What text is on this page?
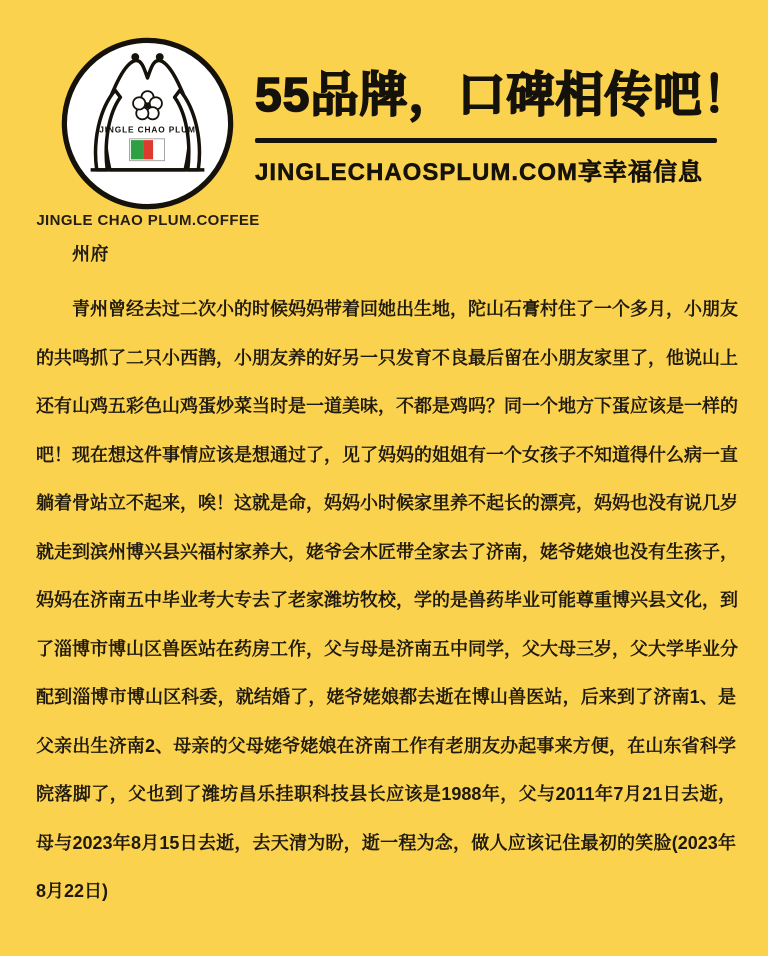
JINGLE CHAO PLUM
JINGLE CHAO PLUM.COFFEE
55品牌，口碑相传吧！
JINGLECHAOSPLUM.COM享幸福信息
州府
青州曾经去过二次小的时候妈妈带着回她出生地，陀山石膏村住了一个多月，小朋友
的共鸣抓了二只小西鹊，小朋友养的好另一只发育不良最后留在小朋友家里了，他说山上
还有山鸡五彩色山鸡蛋炒菜当时是一道美味，不都是鸡吗？同一个地方下蛋应该是一样的
吧！现在想这件事情应该是想通过了，见了妈妈的姐姐有一个女孩子不知道得什么病一直
躺着骨站立不起来，唉！这就是命，妈妈小时候家里养不起长的漂亮，妈妈也没有说几岁
就走到滨州博兴县兴福村家养大，姥爷会木匠带全家去了济南，姥爷姥娘也没有生孩子，
妈妈在济南五中毕业考大专去了老家潍坊牧校，学的是兽药毕业可能尊重博兴县文化，到
了淄博市博山区兽医站在药房工作，父与母是济南五中同学，父大母三岁，父大学毕业分
配到淄博市博山区科委，就结婚了，姥爷姥娘都去逝在博山兽医站，后来到了济南1、是
父亲出生济南2、母亲的父母姥爷姥娘在济南工作有老朋友办起事来方便，在山东省科学
院落脚了，父也到了潍坊昌乐挂职科技县长应该是1988年，父与2011年7月21日去逝，
母与2023年8月15日去逝，去天清为盼，逝一程为念，做人应该记住最初的笑脸(2023年
8月22日)
